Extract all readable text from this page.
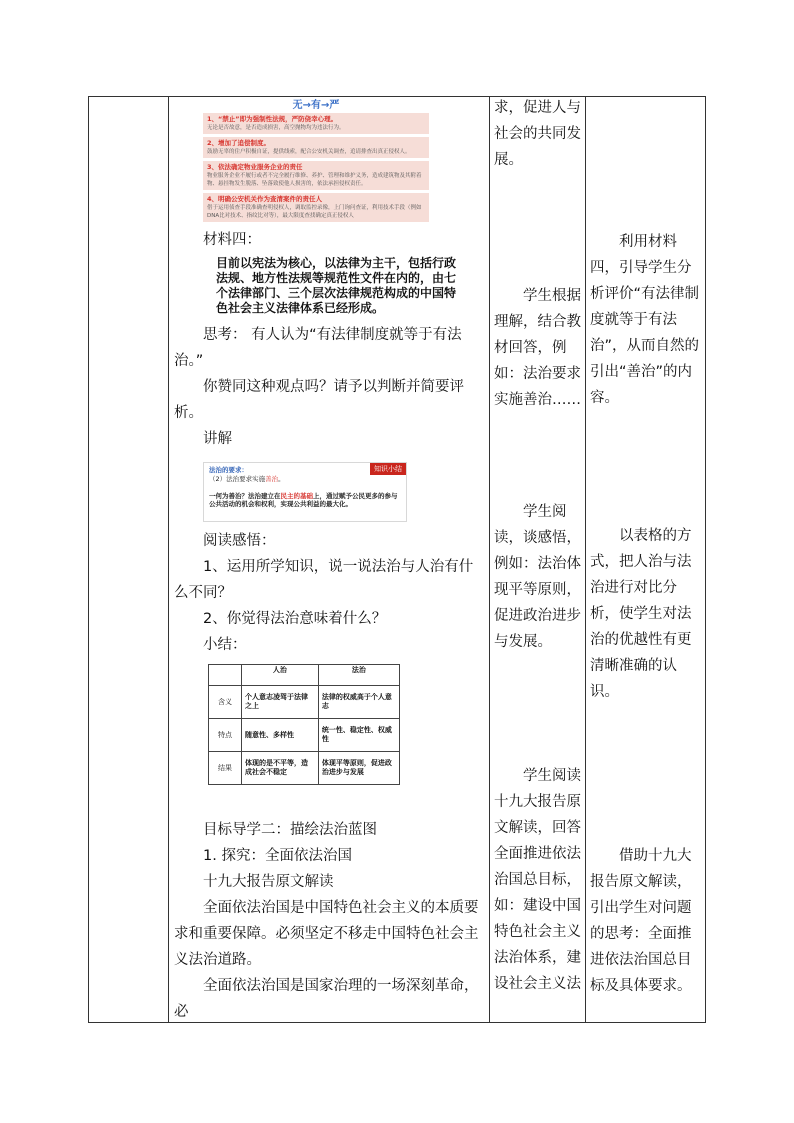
无→有→严
1、“禁止”即为强制性法规，严防侥幸心理。
无论是否故意，是否造成损害，高空抛物均为违法行为。
2、增加了追偿制度。
鼓励无辜的住户积极自证，提供线索，配合公安机关调查，追请排查出真正侵权人。
3、依法确定物业服务企业的责任
物业服务企业不履行或者不完全履行维修、养护、管理和维护义务，造成建筑物及其附着物、悬挂物发生脱落、坠落致使他人损害的，依法承担侵权责任。
4、明确公安机关作为查清案件的责任人
借于运用侦查手段准确查明侵权人，调取监控录像，上门询问查证，利用技术手段（例如DNA比对技术、指纹比对等），最大限度查找确定真正侵权人

材料四：

目前以宪法为核心，以法律为主干，包括行政法规、地方性法规等规范性文件在内的，由七个法律部门、三个层次法律规范构成的中国特色社会主义法律体系已经形成。

思考： 有人认为“有法律制度就等于有法治。”

你赞同这种观点吗？请予以判断并简要评析。

讲解

知识小结
法治的要求：
（2）法治要求实施善治。
一何为善治？法治建立在民主的基础上，通过赋予公民更多的参与公共活动的机会和权利，实现公共利益的最大化。

阅读感悟：

1、运用所学知识，说一说法治与人治有什么不同？

2、你觉得法治意味着什么？

小结：

	人治	法治
含义	个人意志凌驾于法律之上	法律的权威高于个人意志
特点	随意性、多样性	统一性、稳定性、权威性
结果	体现的是不平等，造成社会不稳定	体现平等原则，促进政治进步与发展

目标导学二：描绘法治蓝图

1. 探究：全面依法治国

十九大报告原文解读

全面依法治国是中国特色社会主义的本质要求和重要保障。必须坚定不移走中国特色社会主义法治道路。

全面依法治国是国家治理的一场深刻革命，必

求，促进人与社会的共同发展。

学生根据理解，结合教材回答，例如：法治要求实施善治……

学生阅读，谈感悟，例如：法治体现平等原则，促进政治进步与发展。

学生阅读十九大报告原文解读，回答全面推进依法治国总目标，如：建设中国特色社会主义法治体系，建设社会主义法

利用材料四，引导学生分析评价“有法律制度就等于有法治”，从而自然的引出“善治”的内容。

以表格的方式，把人治与法治进行对比分析，使学生对法治的优越性有更清晰准确的认识。

借助十九大报告原文解读，引出学生对问题的思考：全面推进依法治国总目标及具体要求。
